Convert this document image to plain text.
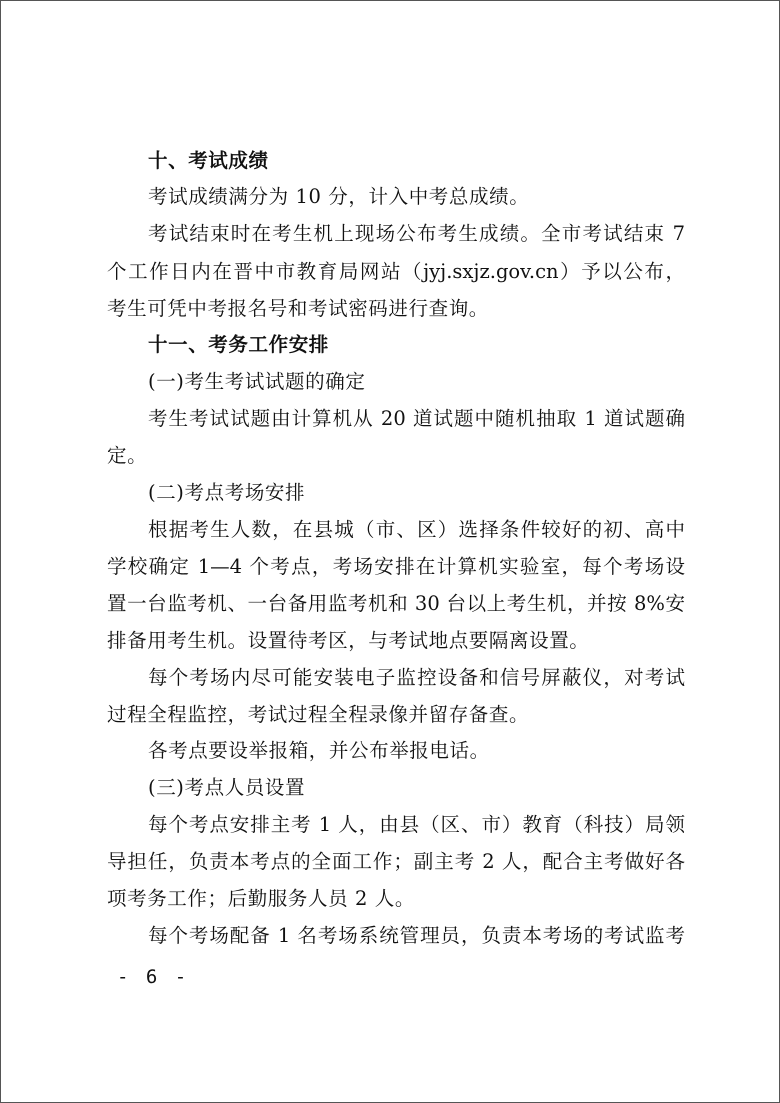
十、考试成绩
考试成绩满分为 10 分，计入中考总成绩。
考试结束时在考生机上现场公布考生成绩。全市考试结束 7
个工作日内在晋中市教育局网站（jyj.sxjz.gov.cn）予以公布，
考生可凭中考报名号和考试密码进行查询。
十一、考务工作安排
(一)考生考试试题的确定
考生考试试题由计算机从 20 道试题中随机抽取 1 道试题确
定。
(二)考点考场安排
根据考生人数，在县城（市、区）选择条件较好的初、高中
学校确定 1—4 个考点，考场安排在计算机实验室，每个考场设
置一台监考机、一台备用监考机和 30 台以上考生机，并按 8%安
排备用考生机。设置待考区，与考试地点要隔离设置。
每个考场内尽可能安装电子监控设备和信号屏蔽仪，对考试
过程全程监控，考试过程全程录像并留存备查。
各考点要设举报箱，并公布举报电话。
(三)考点人员设置
每个考点安排主考 1 人，由县（区、市）教育（科技）局领
导担任，负责本考点的全面工作；副主考 2 人，配合主考做好各
项考务工作；后勤服务人员 2 人。
每个考场配备 1 名考场系统管理员，负责本考场的考试监考
- 6 -
